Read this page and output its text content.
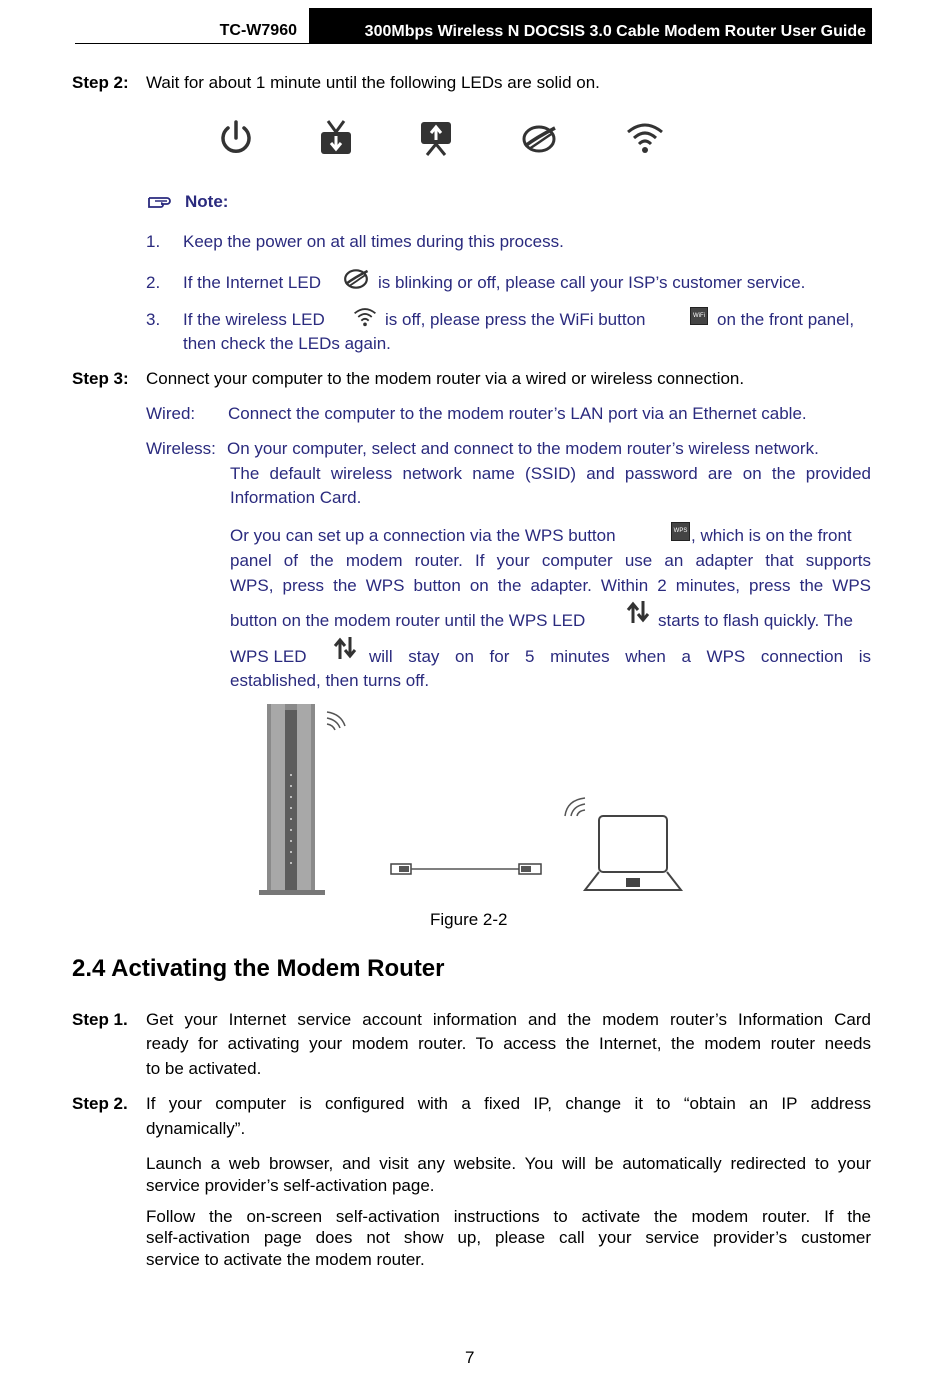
TC-W7960	300Mbps Wireless N DOCSIS 3.0 Cable Modem Router User Guide
Step 2: Wait for about 1 minute until the following LEDs are solid on.
Note:
1. Keep the power on at all times during this process.
2. If the Internet LED	is blinking or off, please call your ISP’s customer service.
3. If the wireless LED	is off, please press the WiFi button	WiFi on the front panel,
then check the LEDs again.
Step 3: Connect your computer to the modem router via a wired or wireless connection.
Wired: Connect the computer to the modem router’s LAN port via an Ethernet cable.
Wireless: On your computer, select and connect to the modem router’s wireless network.
The default wireless network name (SSID) and password are on the provided
Information Card.
Or you can set up a connection via the WPS button	WPS , which is on the front
panel of the modem router. If your computer use an adapter that supports
WPS, press the WPS button on the adapter. Within 2 minutes, press the WPS
button on the modem router until the WPS LED	starts to flash quickly. The
WPS LED	will stay on for 5 minutes when a WPS connection is
established, then turns off.
Figure 2-2
2.4 Activating the Modem Router
Step 1. Get your Internet service account information and the modem router’s Information Card
ready for activating your modem router. To access the Internet, the modem router needs
to be activated.
Step 2. If your computer is configured with a fixed IP, change it to “obtain an IP address
dynamically”.
Launch a web browser, and visit any website. You will be automatically redirected to your
service provider’s self-activation page.
Follow the on-screen self-activation instructions to activate the modem router. If the
self-activation page does not show up, please call your service provider’s customer
service to activate the modem router.
7
